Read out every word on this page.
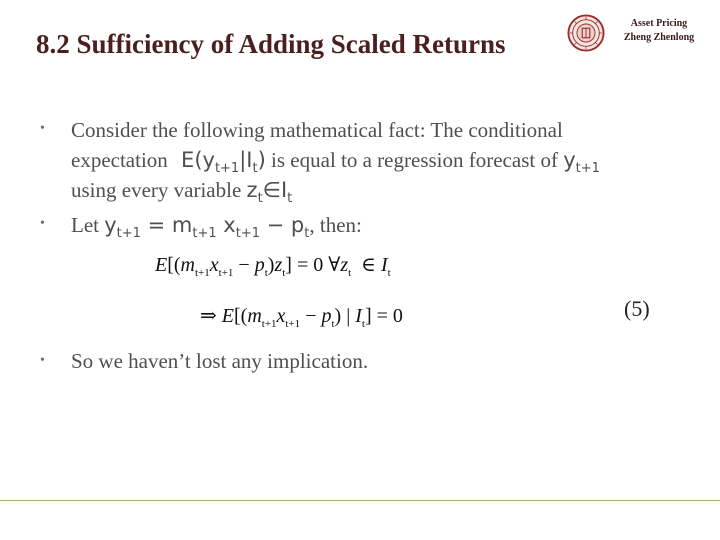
8.2 Sufficiency of Adding Scaled Returns
Asset Pricing
Zheng Zhenlong
•	Consider the following mathematical fact: The conditional
expectation $E(y_{t+1}|I_t)$ is equal to a regression forecast of $y_{t+1}$
using every variable $z_t\in I_t$
•	Let $y_{t+1} = m_{t+1}$ $x_{t+1} - p_t$, then:
•	So we haven’t lost any implication.
$E[(m_{t+1}x_{t+1} - p_t)z_t] = 0$ $\forall z_t$  ∈ $I_t$
⇒ $E[(m_{t+1}x_{t+1} - p_t)$ | $I_t] = 0$	(5)
